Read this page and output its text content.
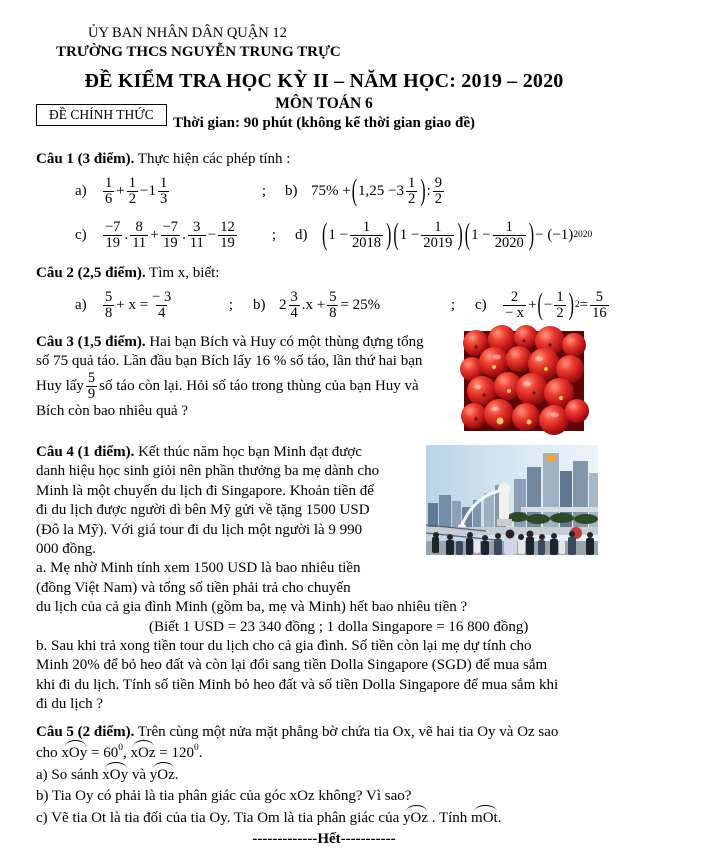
ỦY BAN NHÂN DÂN QUẬN 12
TRƯỜNG THCS NGUYỄN TRUNG TRỰC
ĐỀ KIỂM TRA HỌC KỲ II – NĂM HỌC: 2019 – 2020
ĐỀ CHÍNH THỨC
MÔN TOÁN 6
Thời gian: 90 phút (không kể thời gian giao đề)
Câu 1 (3 điểm). Thực hiện các phép tính :
a)	1
6 + 1
2 − 1 1
3	;	b) 75% + ( 1,25 − 3 1
2 ) : 9
2
c)	−7
19 . 8
11 + −7
19 . 3
11 − 12
19	;	d) ( 1 − 1
2018 ) ( 1 − 1
2019 ) ( 1 − 1
2020 ) − (−1) 2020
Câu 2 (2,5 điểm). Tìm x, biết:
a)	5
8 + x = − 3
4	;	b) 2 3
4 .x + 5
8 = 25%	;	c)	2
− x + ( − 1
2 ) 2 = 5
16
Câu 3 (1,5 điểm). Hai bạn Bích và Huy có một thùng đựng tổng
số 75 quả táo. Lần đầu bạn Bích lấy 16 % số táo, lần thứ hai bạn
Huy lấy 5
9 số táo còn lại. Hỏi số táo trong thùng của bạn Huy và
Bích còn bao nhiêu quả ?
Câu 4 (1 điểm). Kết thúc năm học bạn Minh đạt được
danh hiệu học sinh giỏi nên phần thưởng ba mẹ dành cho
Minh là một chuyến du lịch đi Singapore. Khoản tiền để
đi du lịch được người dì bên Mỹ gửi về tặng 1500 USD
(Đô la Mỹ). Với giá tour đi du lịch một người là 9 990
000 đồng.
a. Mẹ nhờ Minh tính xem 1500 USD là bao nhiêu tiền
(đồng Việt Nam) và tổng số tiền phải trả cho chuyến
du lịch của cả gia đình Minh (gồm ba, mẹ và Minh) hết bao nhiêu tiền ?
(Biết 1 USD = 23 340 đồng ; 1 dolla Singapore = 16 800 đồng)
b. Sau khi trả xong tiền tour du lịch cho cả gia đình. Số tiền còn lại mẹ dự tính cho
Minh 20% để bỏ heo đất và còn lại đổi sang tiền Dolla Singapore (SGD) để mua sắm
khi đi du lịch. Tính số tiền Minh bỏ heo đất và số tiền Dolla Singapore để mua sắm khi
đi du lịch ?
Câu 5 (2 điểm). Trên cùng một nửa mặt phẳng bờ chứa tia Ox, vẽ hai tia Oy và Oz sao
cho xOy = $60^0$, xOz = $120^0$.
a) So sánh xOy và yOz.
b) Tia Oy có phải là tia phân giác của góc xOz không? Vì sao?
c) Vẽ tia Ot là tia đối của tia Oy. Tia Om là tia phân giác của yOz . Tính mOt.
-------------Hết-----------
